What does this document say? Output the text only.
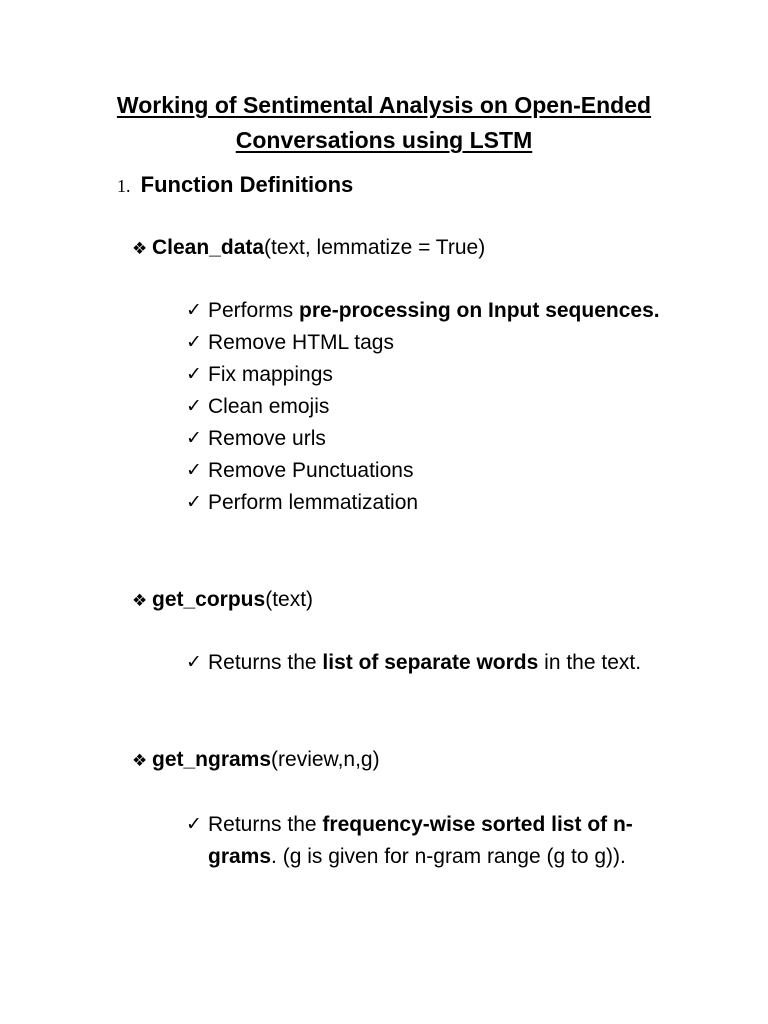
Working of Sentimental Analysis on Open-Ended
Conversations using LSTM
1. Function Definitions
❖ Clean_data(text, lemmatize = True)
✓ Performs pre-processing on Input sequences.
✓ Remove HTML tags
✓ Fix mappings
✓ Clean emojis
✓ Remove urls
✓ Remove Punctuations
✓ Perform lemmatization
❖ get_corpus(text)
✓ Returns the list of separate words in the text.
❖ get_ngrams(review,n,g)
✓ Returns the frequency-wise sorted list of n-grams. (g is given for n-gram range (g to g)).
